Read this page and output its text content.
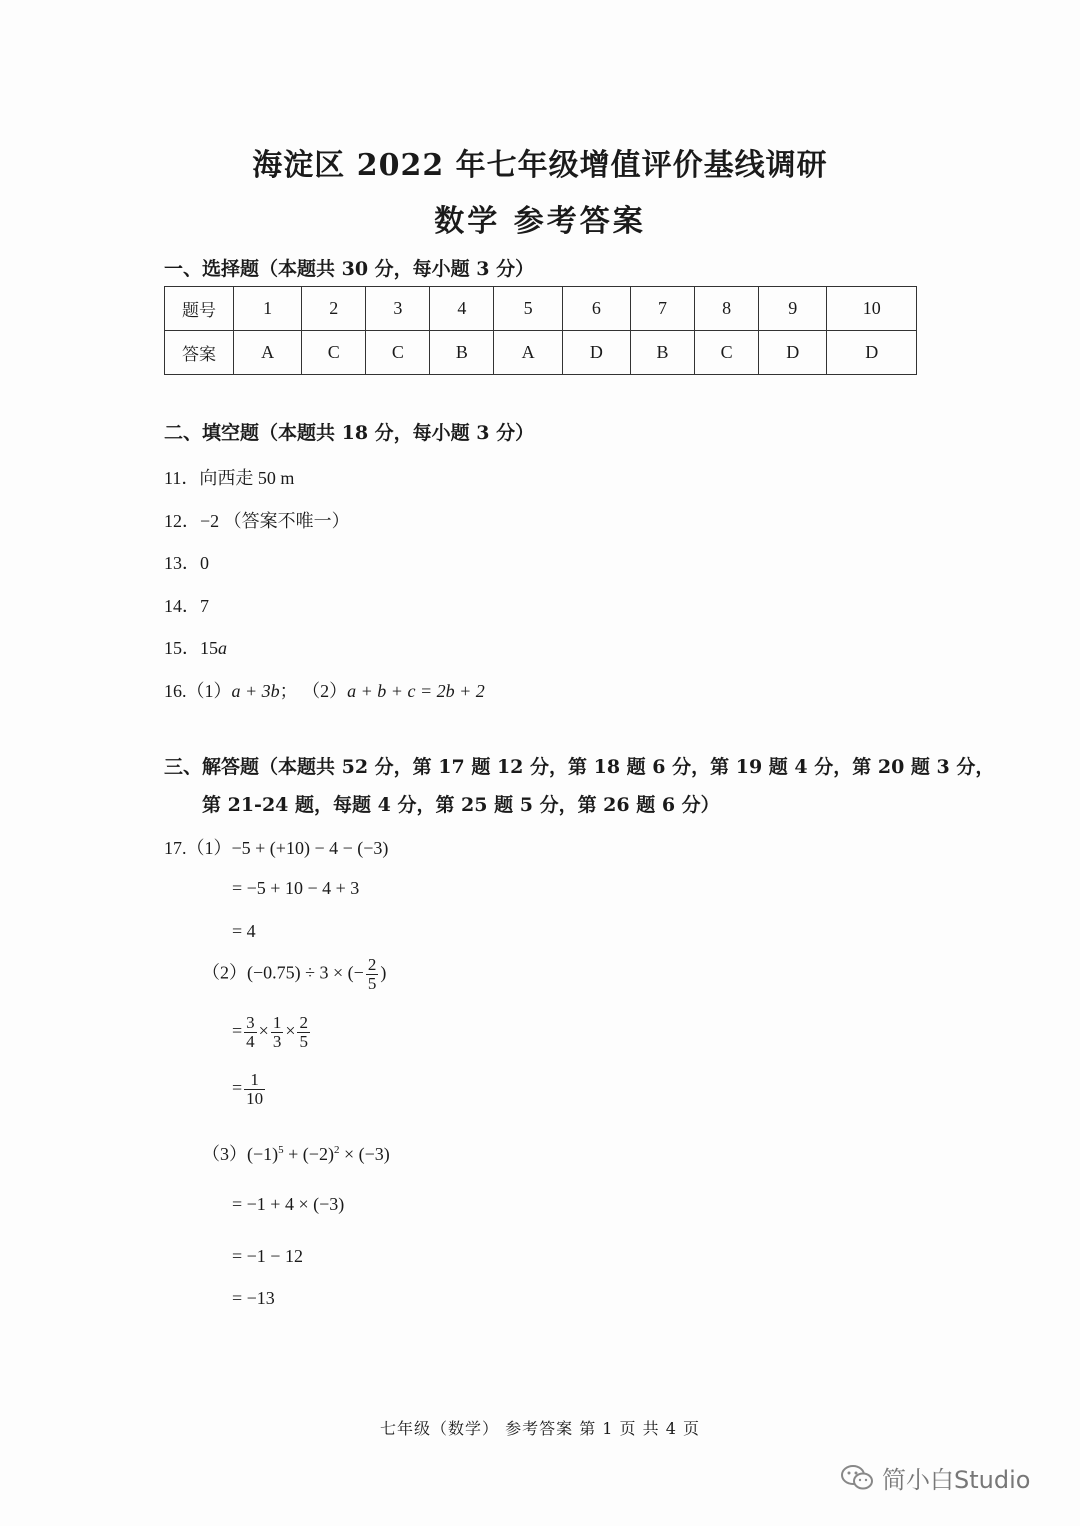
海淀区 2022 年七年级增值评价基线调研
数学 参考答案
一、选择题（本题共 30 分，每小题 3 分）
题号	1	2	3	4	5	6	7	8	9	10
答案	A	C	C	B	A	D	B	C	D	D
二、填空题（本题共 18 分，每小题 3 分）
11．向西走 50 m
12．−2 （答案不唯一）
13．0
14．7
15．15a
16.（1）a + 3b； （2）a + b + c = 2b + 2
三、解答题（本题共 52 分，第 17 题 12 分，第 18 题 6 分，第 19 题 4 分，第 20 题 3 分，
第 21-24 题，每题 4 分，第 25 题 5 分，第 26 题 6 分）
17.（1）−5 + (+10) − 4 − (−3)
= −5 + 10 − 4 + 3
= 4
（2）(−0.75) ÷ 3 × (− $\frac{2}{5}$ )
= $\frac{3}{4} \times \frac{1}{3} \times \frac{2}{5}$
= $\frac{1}{10}$
$(3)(-1)^5 + (-2)^2 \times (-3)$
= −1 + 4 × (−3)
= −1 − 12
= −13
七年级（数学） 参考答案 第 1 页 共 4 页
简小白Studio
